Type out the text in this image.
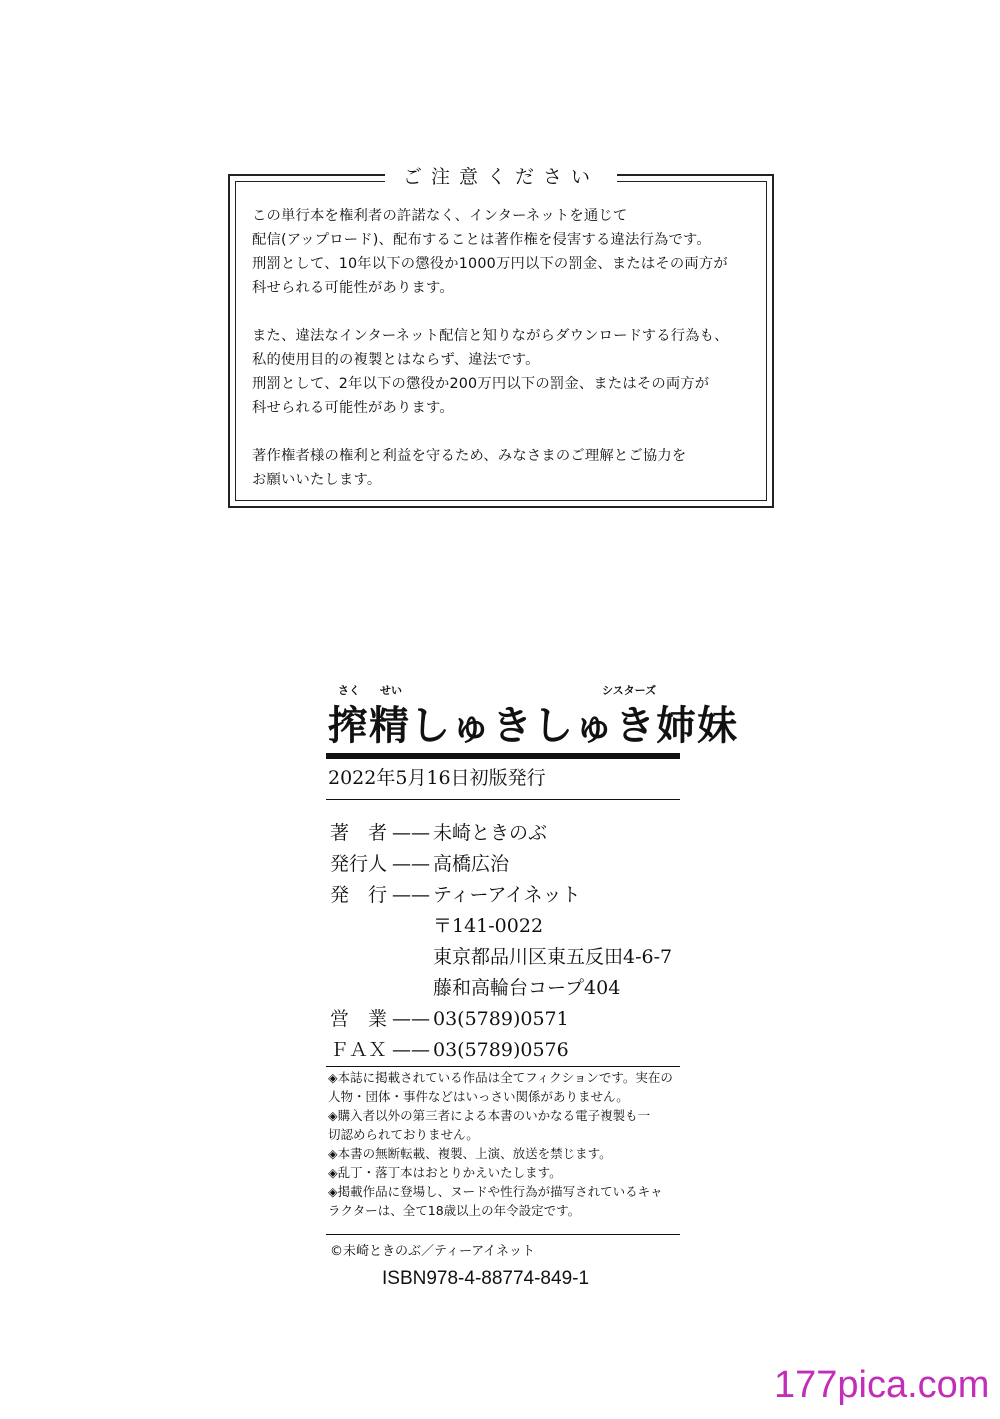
ご注意ください
この単行本を権利者の許諾なく、インターネットを通じて
配信(アップロード)、配布することは著作権を侵害する違法行為です。
刑罰として、10年以下の懲役か1000万円以下の罰金、またはその両方が
科せられる可能性があります。
また、違法なインターネット配信と知りながらダウンロードする行為も、
私的使用目的の複製とはならず、違法です。
刑罰として、2年以下の懲役か200万円以下の罰金、またはその両方が
科せられる可能性があります。
著作権者様の権利と利益を守るため、みなさまのご理解とご協力を
お願いいたします。
さく せい	シスターズ
搾精しゅきしゅき姉妹
2022年5月16日初版発行
著　者 —— 未崎ときのぶ
発行人 —— 高橋広治
発　行 —— ティーアイネット
〒141-0022
東京都品川区東五反田4-6-7
藤和高輪台コープ404
営　業 —— 03(5789)0571
ＦＡＸ —— 03(5789)0576
◈本誌に掲載されている作品は全てフィクションです。実在の
人物・団体・事件などはいっさい関係がありません。
◈購入者以外の第三者による本書のいかなる電子複製も一
切認められておりません。
◈本書の無断転載、複製、上演、放送を禁じます。
◈乱丁・落丁本はおとりかえいたします。
◈掲載作品に登場し、ヌードや性行為が描写されているキャ
ラクターは、全て18歳以上の年令設定です。
©未崎ときのぶ／ティーアイネット
ISBN978-4-88774-849-1
177pica.com
